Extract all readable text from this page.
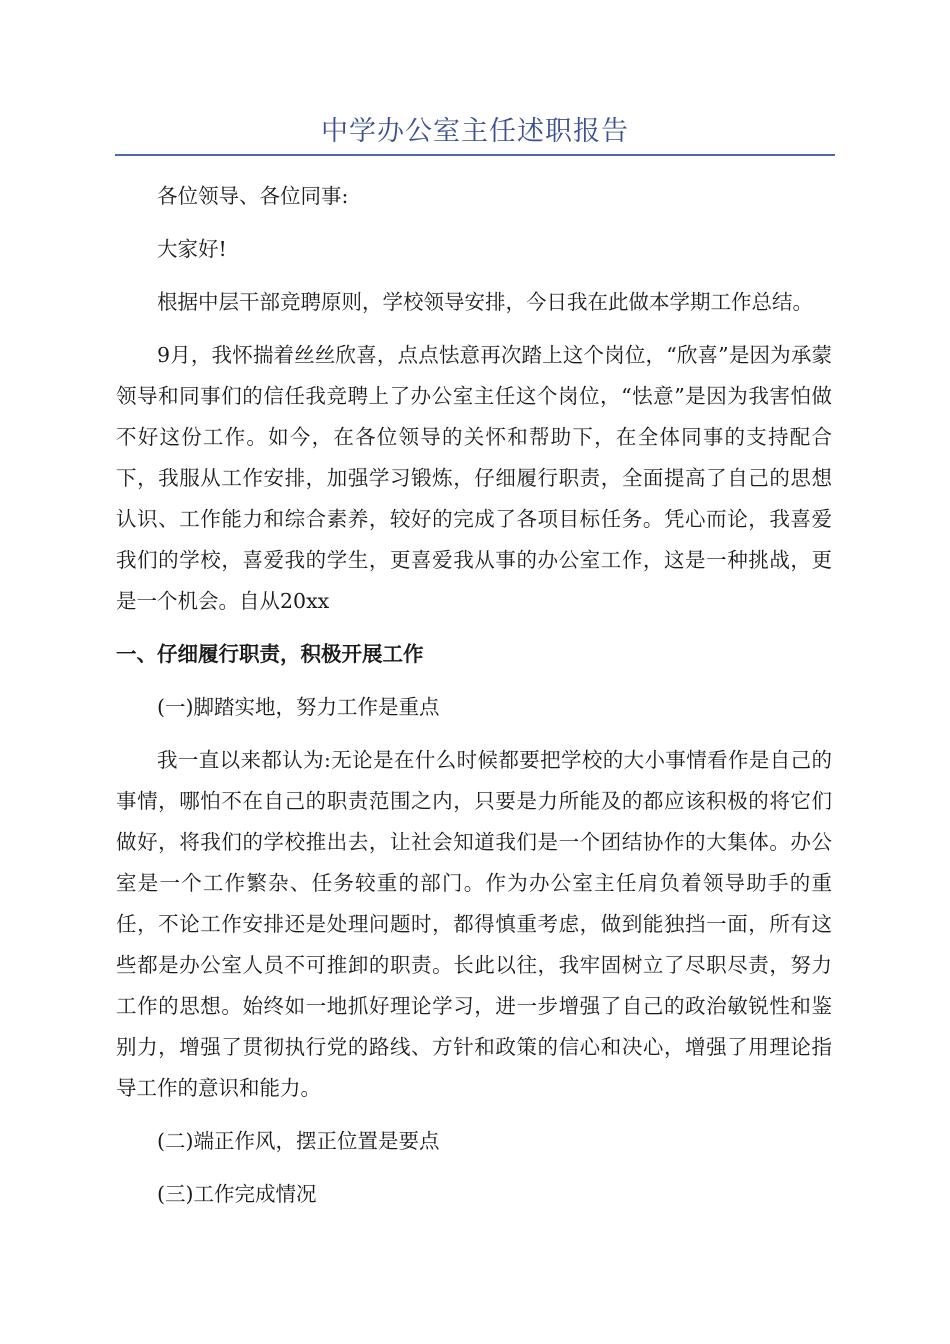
中学办公室主任述职报告

各位领导、各位同事:

大家好!

根据中层干部竞聘原则，学校领导安排，今日我在此做本学期工作总结。

9月，我怀揣着丝丝欣喜，点点怯意再次踏上这个岗位，“欣喜”是因为承蒙领导和同事们的信任我竞聘上了办公室主任这个岗位，“怯意”是因为我害怕做不好这份工作。如今，在各位领导的关怀和帮助下，在全体同事的支持配合下，我服从工作安排，加强学习锻炼，仔细履行职责，全面提高了自己的思想认识、工作能力和综合素养，较好的完成了各项目标任务。凭心而论，我喜爱我们的学校，喜爱我的学生，更喜爱我从事的办公室工作，这是一种挑战，更是一个机会。自从20xx

一、仔细履行职责，积极开展工作

(一)脚踏实地，努力工作是重点

我一直以来都认为:无论是在什么时候都要把学校的大小事情看作是自己的事情，哪怕不在自己的职责范围之内，只要是力所能及的都应该积极的将它们做好，将我们的学校推出去，让社会知道我们是一个团结协作的大集体。办公室是一个工作繁杂、任务较重的部门。作为办公室主任肩负着领导助手的重任，不论工作安排还是处理问题时，都得慎重考虑，做到能独挡一面，所有这些都是办公室人员不可推卸的职责。长此以往，我牢固树立了尽职尽责，努力工作的思想。始终如一地抓好理论学习，进一步增强了自己的政治敏锐性和鉴别力，增强了贯彻执行党的路线、方针和政策的信心和决心，增强了用理论指导工作的意识和能力。

(二)端正作风，摆正位置是要点

(三)工作完成情况
